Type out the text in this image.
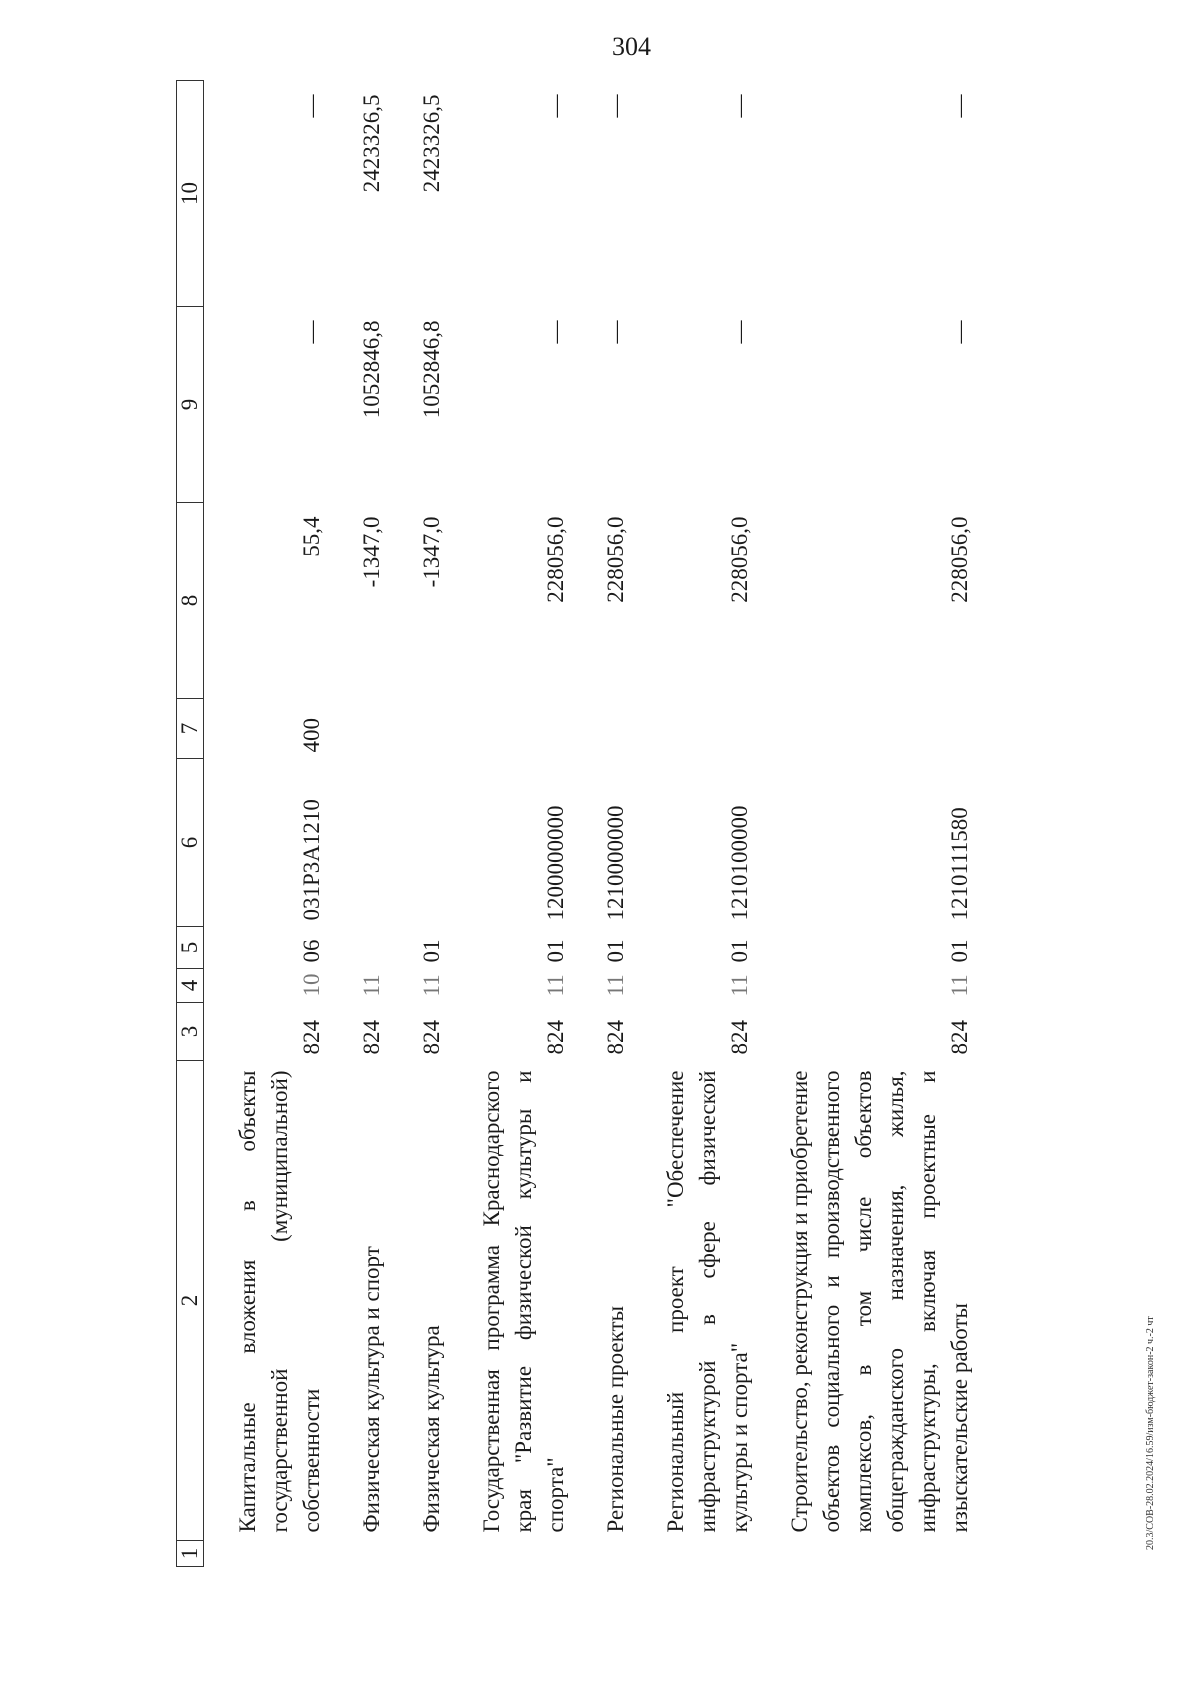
304
1	2	3	4	5	6	7	8	9	10

	Капитальные вложения в объекты государственной (муниципальной) собственности	824	10	06	031P3A1210	400	55,4	—	—

	Физическая культура и спорт	824	11				-1347,0	1052846,8	2423326,5

	Физическая культура	824	11	01			-1347,0	1052846,8	2423326,5

	Государственная программа Краснодарского края "Развитие физической культуры и спорта"	824	11	01	1200000000		228056,0	—	—

	Региональные проекты	824	11	01	1210000000		228056,0	—	—

	Региональный проект "Обеспечение инфраструктурой в сфере физической культуры и спорта"	824	11	01	1210100000		228056,0	—	—

	Строительство, реконструкция и приобретение объектов социального и производственного комплексов, в том числе объектов общегражданского назначения, жилья, инфраструктуры, включая проектные и изыскательские работы	824	11	01	1210111580		228056,0	—	—
20.3/СОВ-28.02.2024/16.59/изм-бюджет-закон-2 ч.-2 чт
